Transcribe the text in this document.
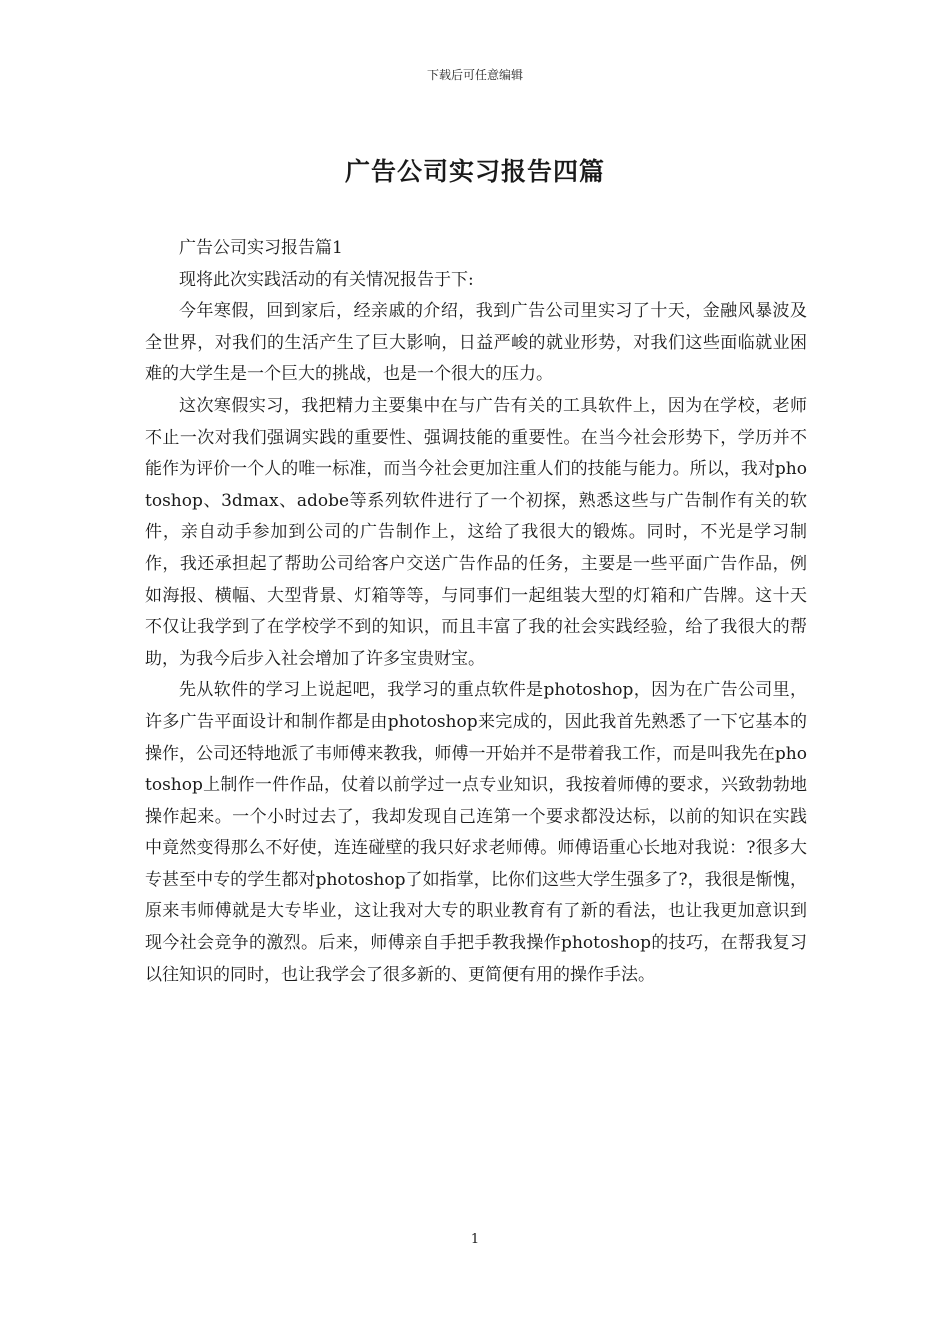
下载后可任意编辑
广告公司实习报告四篇

广告公司实习报告篇1

现将此次实践活动的有关情况报告于下:

今年寒假，回到家后，经亲戚的介绍，我到广告公司里实习了十天，金融风暴波及全世界，对我们的生活产生了巨大影响，日益严峻的就业形势，对我们这些面临就业困难的大学生是一个巨大的挑战，也是一个很大的压力。

这次寒假实习，我把精力主要集中在与广告有关的工具软件上，因为在学校，老师不止一次对我们强调实践的重要性、强调技能的重要性。在当今社会形势下，学历并不能作为评价一个人的唯一标准，而当今社会更加注重人们的技能与能力。所以，我对photoshop、3dmax、adobe等系列软件进行了一个初探，熟悉这些与广告制作有关的软件，亲自动手参加到公司的广告制作上，这给了我很大的锻炼。同时，不光是学习制作，我还承担起了帮助公司给客户交送广告作品的任务，主要是一些平面广告作品，例如海报、横幅、大型背景、灯箱等等，与同事们一起组装大型的灯箱和广告牌。这十天不仅让我学到了在学校学不到的知识，而且丰富了我的社会实践经验，给了我很大的帮助，为我今后步入社会增加了许多宝贵财宝。

先从软件的学习上说起吧，我学习的重点软件是photoshop，因为在广告公司里，许多广告平面设计和制作都是由photoshop来完成的，因此我首先熟悉了一下它基本的操作，公司还特地派了韦师傅来教我，师傅一开始并不是带着我工作，而是叫我先在photoshop上制作一件作品，仗着以前学过一点专业知识，我按着师傅的要求，兴致勃勃地操作起来。一个小时过去了，我却发现自己连第一个要求都没达标，以前的知识在实践中竟然变得那么不好使，连连碰壁的我只好求老师傅。师傅语重心长地对我说：?很多大专甚至中专的学生都对photoshop了如指掌，比你们这些大学生强多了?，我很是惭愧，原来韦师傅就是大专毕业，这让我对大专的职业教育有了新的看法，也让我更加意识到现今社会竞争的激烈。后来，师傅亲自手把手教我操作photoshop的技巧，在帮我复习以往知识的同时，也让我学会了很多新的、更简便有用的操作手法。

1
